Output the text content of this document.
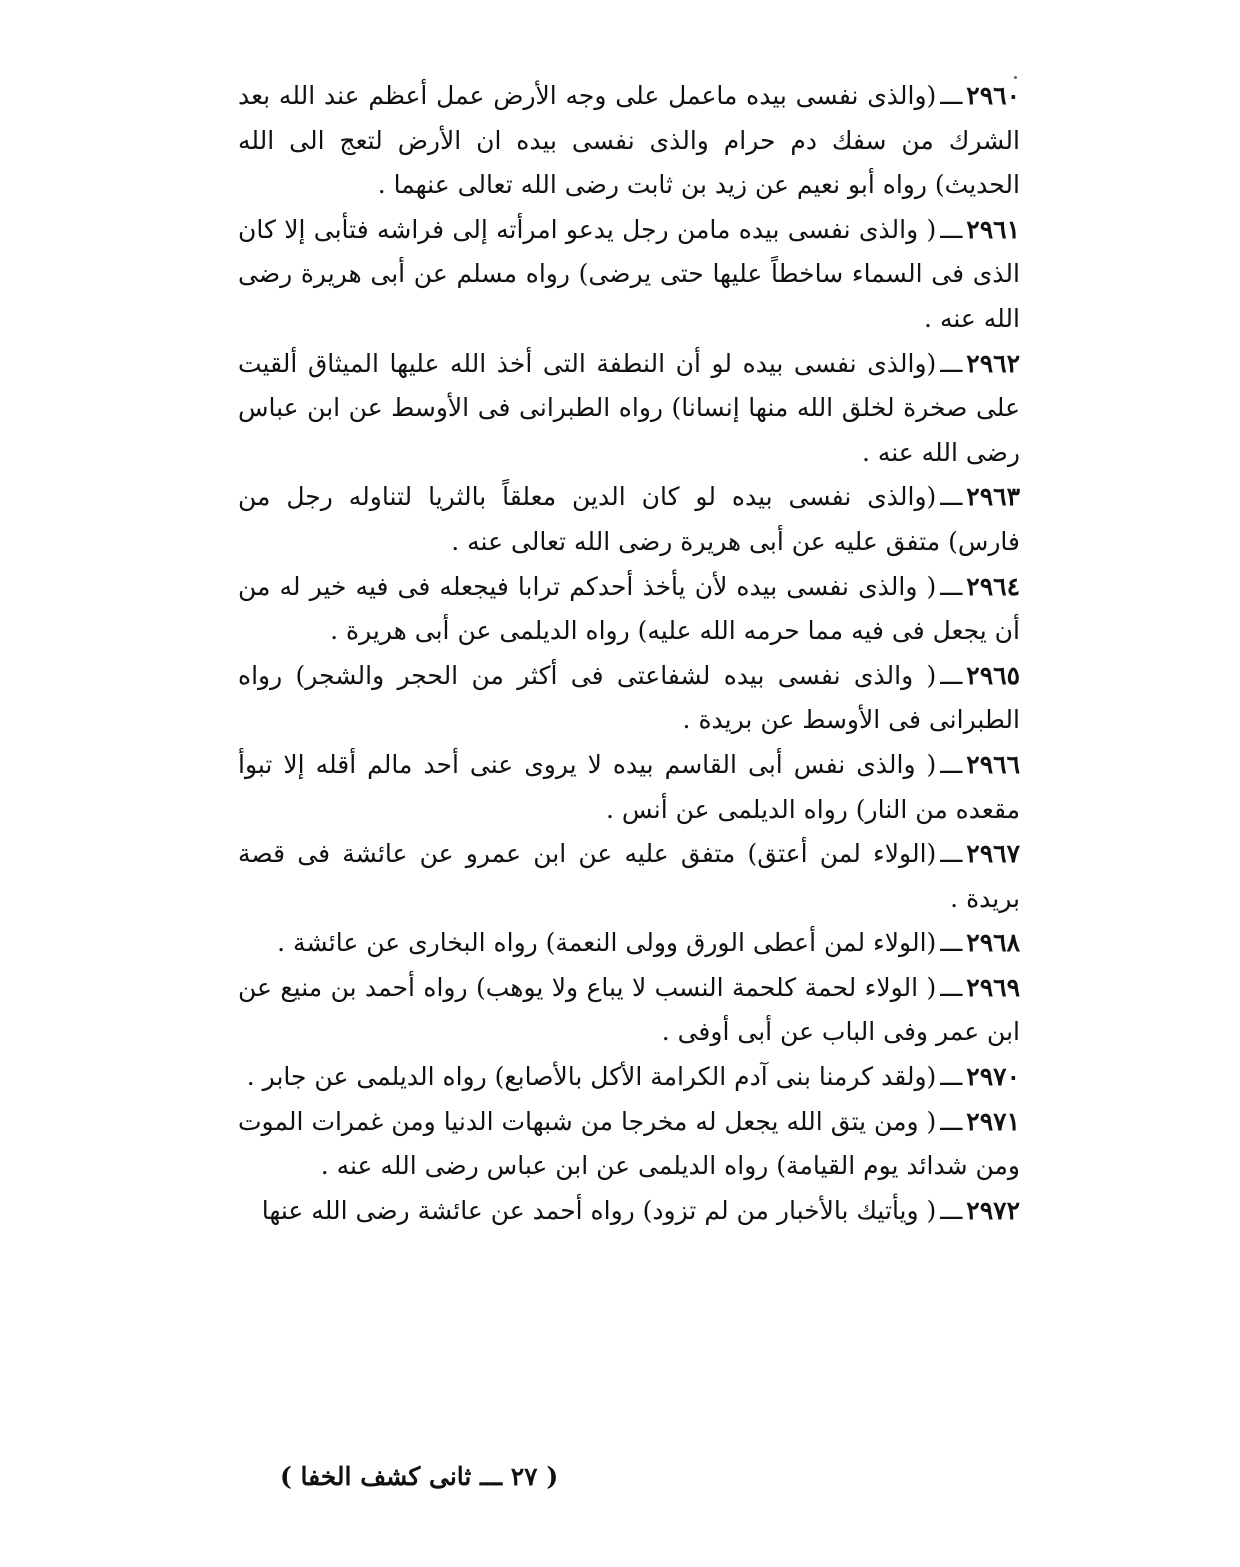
٢٩٦٠ـــ(والذى نفسى بيده ماعمل على وجه الأرض عمل أعظم عند الله بعد الشرك من سفك دم حرام والذى نفسى بيده ان الأرض لتعج الى الله الحديث) رواه أبو نعيم عن زيد بن ثابت رضى الله تعالى عنهما .

٢٩٦١ـــ( والذى نفسى بيده مامن رجل يدعو امرأته إلى فراشه فتأبى إلا كان الذى فى السماء ساخطاً عليها حتى يرضى) رواه مسلم عن أبى هريرة رضى الله عنه .

٢٩٦٢ـــ(والذى نفسى بيده لو أن النطفة التى أخذ الله عليها الميثاق ألقيت على صخرة لخلق الله منها إنسانا) رواه الطبرانى فى الأوسط عن ابن عباس رضى الله عنه .

٢٩٦٣ـــ(والذى نفسى بيده لو كان الدين معلقاً بالثريا لتناوله رجل من فارس) متفق عليه عن أبى هريرة رضى الله تعالى عنه .

٢٩٦٤ـــ( والذى نفسى بيده لأن يأخذ أحدكم ترابا فيجعله فى فيه خير له من أن يجعل فى فيه مما حرمه الله عليه) رواه الديلمى عن أبى هريرة .

٢٩٦٥ـــ( والذى نفسى بيده لشفاعتى فى أكثر من الحجر والشجر) رواه الطبرانى فى الأوسط عن بريدة .

٢٩٦٦ـــ( والذى نفس أبى القاسم بيده لا يروى عنى أحد مالم أقله إلا تبوأ مقعده من النار) رواه الديلمى عن أنس .

٢٩٦٧ـــ(الولاء لمن أعتق) متفق عليه عن ابن عمرو عن عائشة فى قصة بريدة .

٢٩٦٨ـــ(الولاء لمن أعطى الورق وولى النعمة) رواه البخارى عن عائشة .

٢٩٦٩ـــ( الولاء لحمة كلحمة النسب لا يباع ولا يوهب) رواه أحمد بن منيع عن ابن عمر وفى الباب عن أبى أوفى .

٢٩٧٠ـــ(ولقد كرمنا بنى آدم الكرامة الأكل بالأصابع) رواه الديلمى عن جابر .

٢٩٧١ـــ( ومن يتق الله يجعل له مخرجا من شبهات الدنيا ومن غمرات الموت ومن شدائد يوم القيامة) رواه الديلمى عن ابن عباس رضى الله عنه .

٢٩٧٢ـــ( ويأتيك بالأخبار من لم تزود) رواه أحمد عن عائشة رضى الله عنها

( ٢٧ ـــ ثانى كشف الخفا )
